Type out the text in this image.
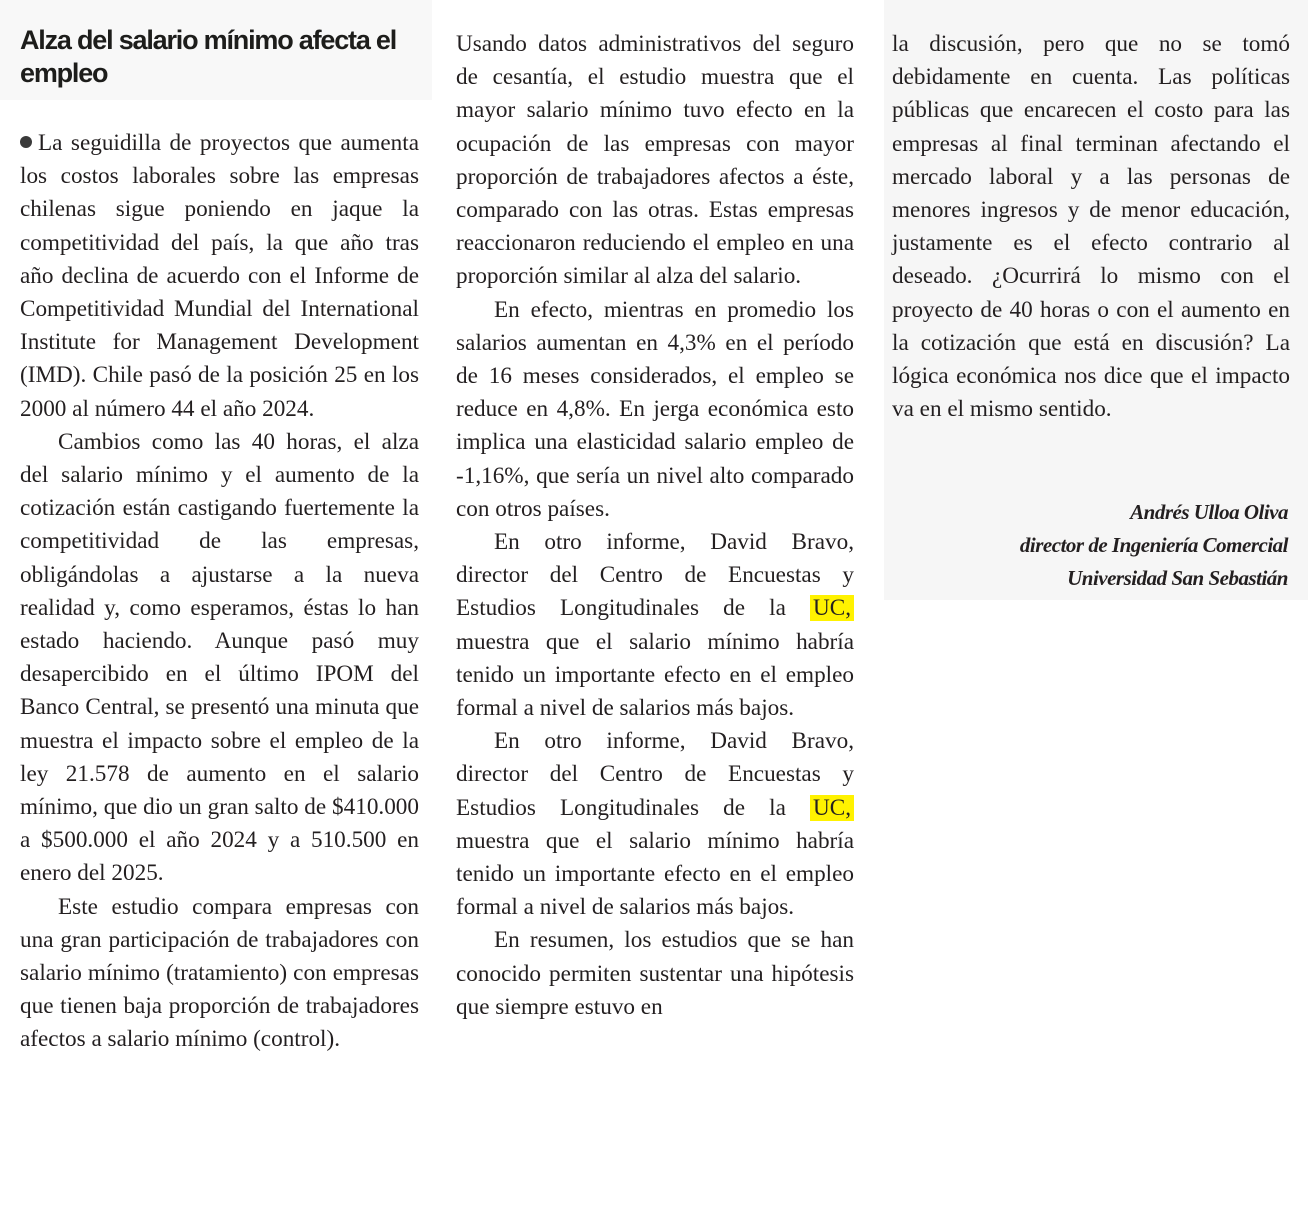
Alza del salario mínimo afecta el empleo

La seguidilla de proyectos que aumenta los costos laborales sobre las empresas chilenas sigue poniendo en jaque la competitividad del país, la que año tras año declina de acuerdo con el Informe de Competitividad Mundial del International Institute for Management Development (IMD). Chile pasó de la posición 25 en los 2000 al número 44 el año 2024.

Cambios como las 40 horas, el alza del salario mínimo y el aumento de la cotización están castigando fuertemente la competitividad de las empresas, obligándolas a ajustarse a la nueva realidad y, como esperamos, éstas lo han estado haciendo. Aunque pasó muy desapercibido en el último IPOM del Banco Central, se presentó una minuta que muestra el impacto sobre el empleo de la ley 21.578 de aumento en el salario mínimo, que dio un gran salto de $410.000 a $500.000 el año 2024 y a 510.500 en enero del 2025.

Este estudio compara empresas con una gran participación de trabajadores con salario mínimo (tratamiento) con empresas que tienen baja proporción de trabajadores afectos a salario mínimo (control).

Usando datos administrativos del seguro de cesantía, el estudio muestra que el mayor salario mínimo tuvo efecto en la ocupación de las empresas con mayor proporción de trabajadores afectos a éste, comparado con las otras. Estas empresas reaccionaron reduciendo el empleo en una proporción similar al alza del salario.

En efecto, mientras en promedio los salarios aumentan en 4,3% en el período de 16 meses considerados, el empleo se reduce en 4,8%. En jerga económica esto implica una elasticidad salario empleo de -1,16%, que sería un nivel alto comparado con otros países.

En otro informe, David Bravo, director del Centro de Encuestas y Estudios Longitudinales de la UC, muestra que el salario mínimo habría tenido un importante efecto en el empleo formal a nivel de salarios más bajos.

En otro informe, David Bravo, director del Centro de Encuestas y Estudios Longitudinales de la UC, muestra que el salario mínimo habría tenido un importante efecto en el empleo formal a nivel de salarios más bajos.

En resumen, los estudios que se han conocido permiten sustentar una hipótesis que siempre estuvo en

la discusión, pero que no se tomó debidamente en cuenta. Las políticas públicas que encarecen el costo para las empresas al final terminan afectando el mercado laboral y a las personas de menores ingresos y de menor educación, justamente es el efecto contrario al deseado. ¿Ocurrirá lo mismo con el proyecto de 40 horas o con el aumento en la cotización que está en discusión? La lógica económica nos dice que el impacto va en el mismo sentido.

Andrés Ulloa Oliva
director de Ingeniería Comercial
Universidad San Sebastián
